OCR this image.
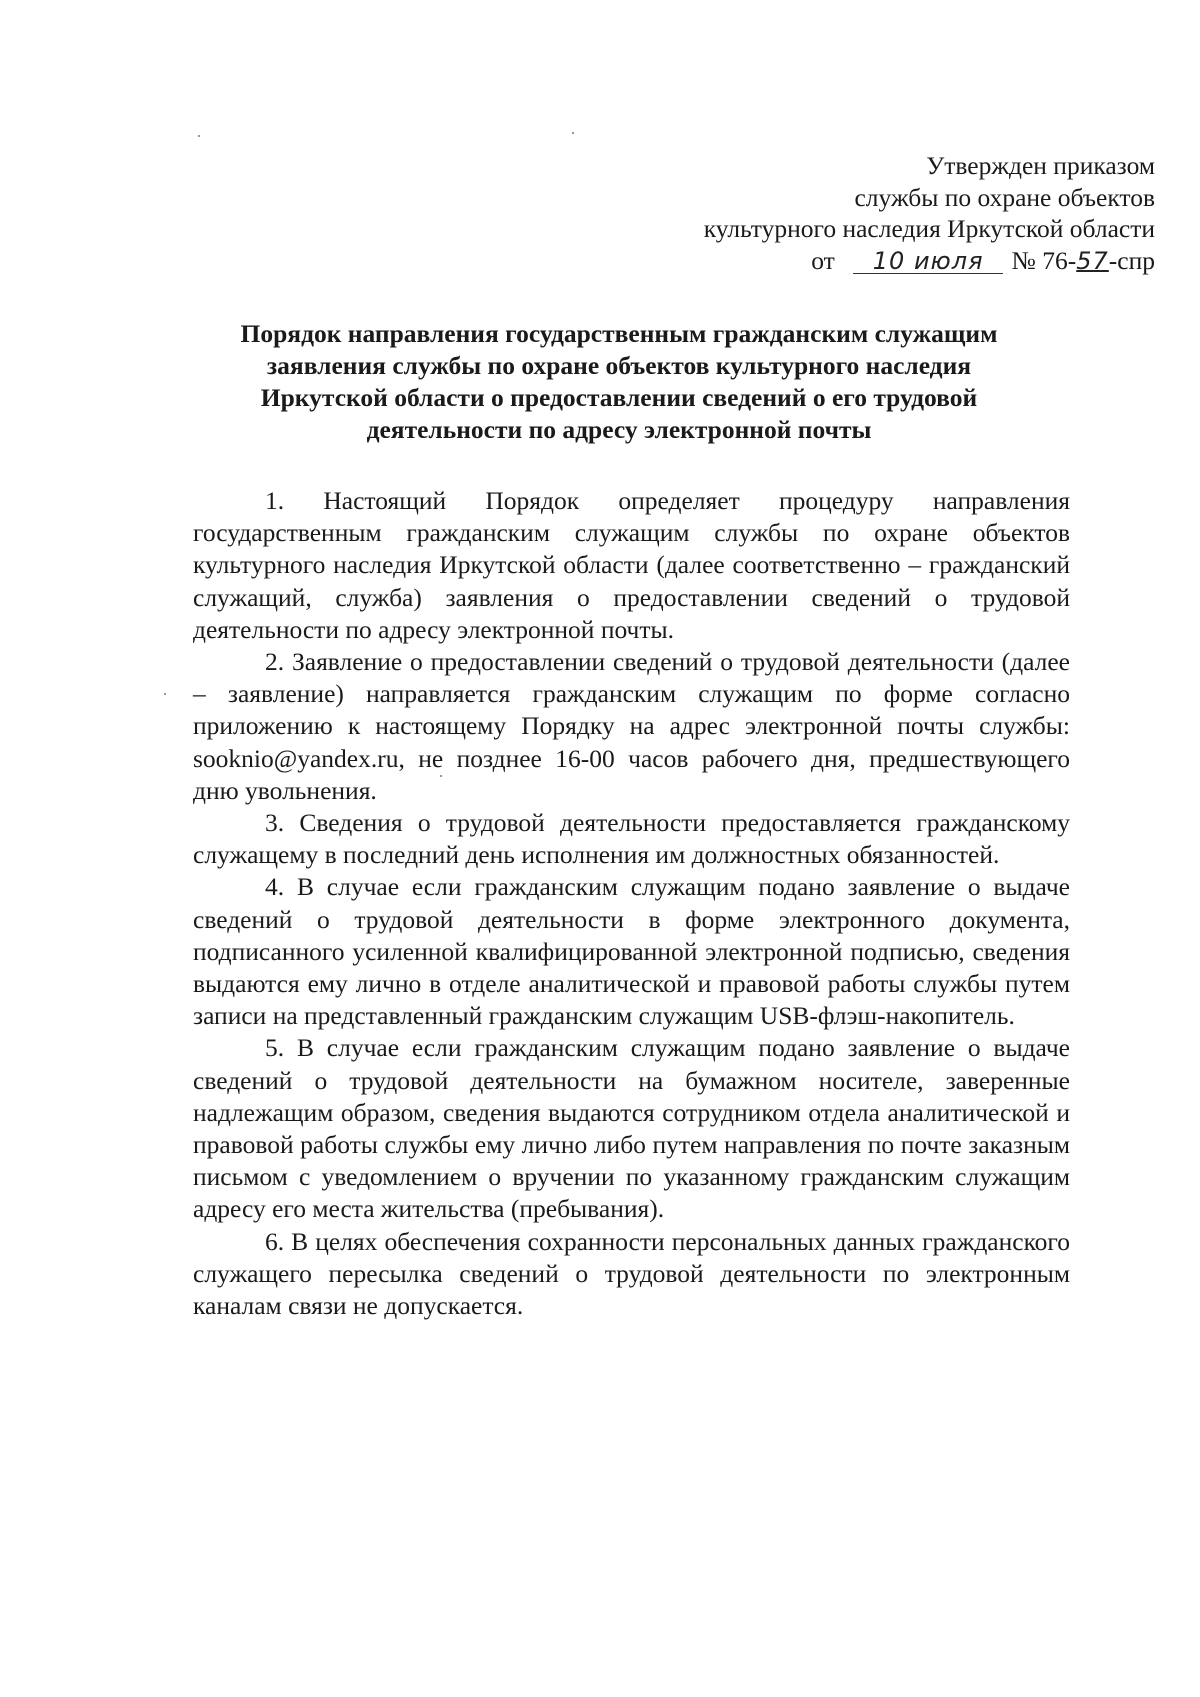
Утвержден приказом
службы по охране объектов
культурного наследия Иркутской области
от 10 июля № 76-57-спр
Порядок направления государственным гражданским служащим
заявления службы по охране объектов культурного наследия
Иркутской области о предоставлении сведений о его трудовой
деятельности по адресу электронной почты

1. Настоящий Порядок определяет процедуру направления государственным гражданским служащим службы по охране объектов культурного наследия Иркутской области (далее соответственно – гражданский служащий, служба) заявления о предоставлении сведений о трудовой деятельности по адресу электронной почты.

2. Заявление о предоставлении сведений о трудовой деятельности (далее – заявление) направляется гражданским служащим по форме согласно приложению к настоящему Порядку на адрес электронной почты службы: sooknio@yandex.ru, не позднее 16-00 часов рабочего дня, предшествующего дню увольнения.

3. Сведения о трудовой деятельности предоставляется гражданскому служащему в последний день исполнения им должностных обязанностей.

4. В случае если гражданским служащим подано заявление о выдаче сведений о трудовой деятельности в форме электронного документа, подписанного усиленной квалифицированной электронной подписью, сведения выдаются ему лично в отделе аналитической и правовой работы службы путем записи на представленный гражданским служащим USB-флэш-накопитель.

5. В случае если гражданским служащим подано заявление о выдаче сведений о трудовой деятельности на бумажном носителе, заверенные надлежащим образом, сведения выдаются сотрудником отдела аналитической и правовой работы службы ему лично либо путем направления по почте заказным письмом с уведомлением о вручении по указанному гражданским служащим адресу его места жительства (пребывания).

6. В целях обеспечения сохранности персональных данных гражданского служащего пересылка сведений о трудовой деятельности по электронным каналам связи не допускается.
